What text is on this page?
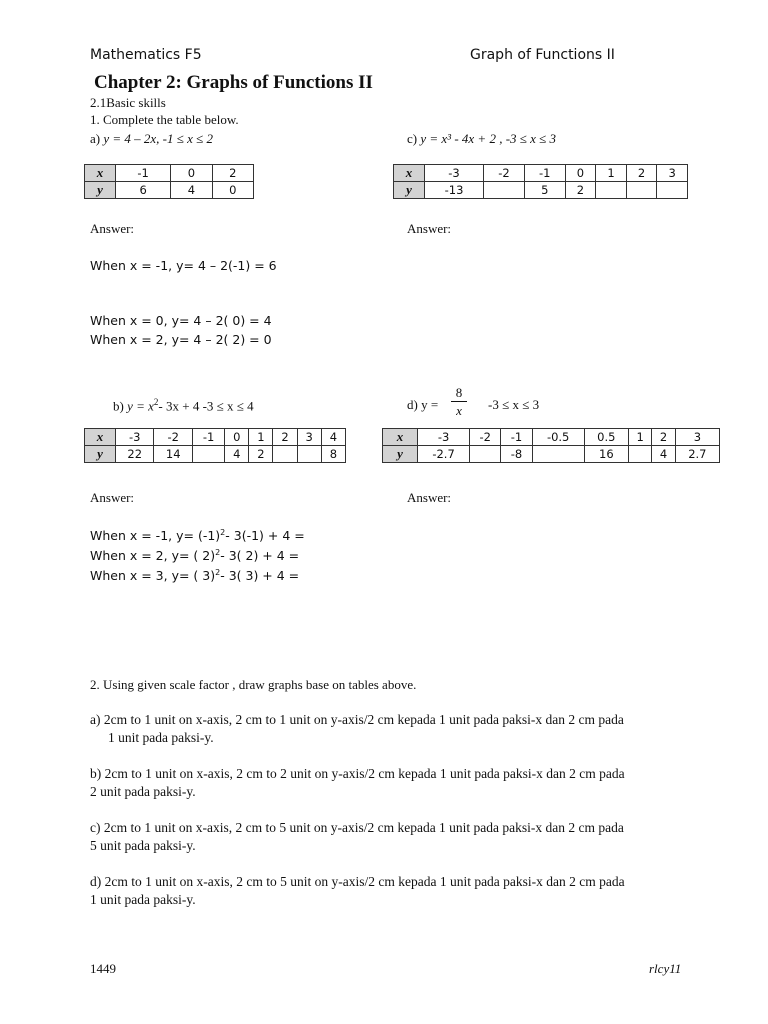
Mathematics F5	Graph of Functions II
Chapter 2: Graphs of Functions II
2.1Basic skills
1. Complete the table below.
a) y = 4 – 2x, -1 ≤ x ≤ 2	c) y = x³ - 4x + 2 , -3 ≤ x ≤ 3
x	-1	0	2
y	6	4	0
x	-3	-2	-1	0	1	2	3
y	-13		5	2			
Answer:	Answer:
When x = -1, y= 4 – 2(-1) = 6
When x = 0, y= 4 – 2( 0) = 4
When x = 2, y= 4 – 2( 2) = 0
b) $y = x^2-$ 3x + 4 -3 ≤ x ≤ 4	d) y =
8
x	-3 ≤ x ≤ 3
x	-3	-2	-1	0	1	2	3	4
y	22	14		4	2			8
x	-3	-2	-1	-0.5	0.5	1	2	3
y	-2.7		-8		16		4	2.7
Answer:	Answer:
When x = -1, $y= (-1)^2-$ 3(-1) + 4 =
When x = 2, y= ( 2)$^2$- 3( 2) + 4 =
When x = 3, y= ( 3)$^2$- 3( 3) + 4 =
2. Using given scale factor , draw graphs base on tables above.
a) 2cm to 1 unit on x-axis, 2 cm to 1 unit on y-axis/2 cm kepada 1 unit pada paksi-x dan 2 cm pada
1 unit pada paksi-y.
b) 2cm to 1 unit on x-axis, 2 cm to 2 unit on y-axis/2 cm kepada 1 unit pada paksi-x dan 2 cm pada
2 unit pada paksi-y.
c) 2cm to 1 unit on x-axis, 2 cm to 5 unit on y-axis/2 cm kepada 1 unit pada paksi-x dan 2 cm pada
5 unit pada paksi-y.
d) 2cm to 1 unit on x-axis, 2 cm to 5 unit on y-axis/2 cm kepada 1 unit pada paksi-x dan 2 cm pada
1 unit pada paksi-y.
1449	rlcy11
